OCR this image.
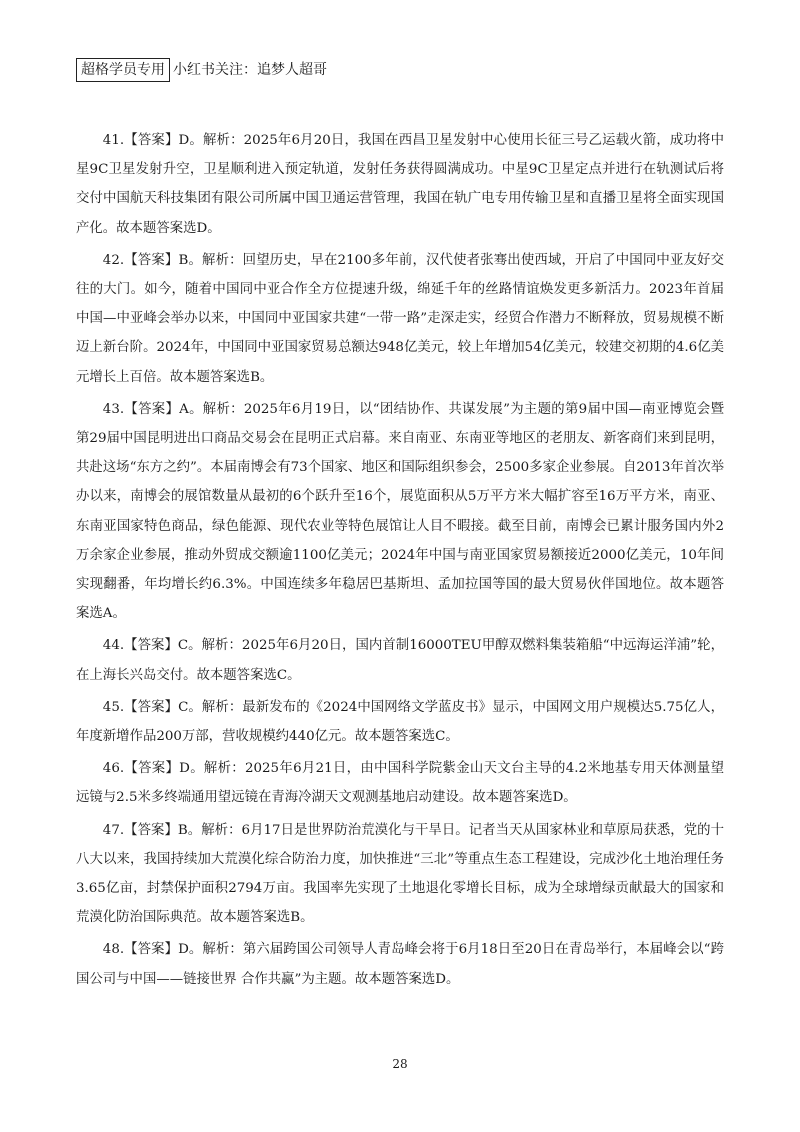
超格学员专用 小红书关注：追梦人超哥

41.【答案】D。解析：2025年6月20日，我国在西昌卫星发射中心使用长征三号乙运载火箭，成功将中星9C卫星发射升空，卫星顺利进入预定轨道，发射任务获得圆满成功。中星9C卫星定点并进行在轨测试后将交付中国航天科技集团有限公司所属中国卫通运营管理，我国在轨广电专用传输卫星和直播卫星将全面实现国产化。故本题答案选D。

42.【答案】B。解析：回望历史，早在2100多年前，汉代使者张骞出使西域，开启了中国同中亚友好交往的大门。如今，随着中国同中亚合作全方位提速升级，绵延千年的丝路情谊焕发更多新活力。2023年首届中国—中亚峰会举办以来，中国同中亚国家共建“一带一路”走深走实，经贸合作潜力不断释放，贸易规模不断迈上新台阶。2024年，中国同中亚国家贸易总额达948亿美元，较上年增加54亿美元，较建交初期的4.6亿美元增长上百倍。故本题答案选B。

43.【答案】A。解析：2025年6月19日，以“团结协作、共谋发展”为主题的第9届中国—南亚博览会暨第29届中国昆明进出口商品交易会在昆明正式启幕。来自南亚、东南亚等地区的老朋友、新客商们来到昆明，共赴这场“东方之约”。本届南博会有73个国家、地区和国际组织参会，2500多家企业参展。自2013年首次举办以来，南博会的展馆数量从最初的6个跃升至16个，展览面积从5万平方米大幅扩容至16万平方米，南亚、东南亚国家特色商品，绿色能源、现代农业等特色展馆让人目不暇接。截至目前，南博会已累计服务国内外2万余家企业参展，推动外贸成交额逾1100亿美元；2024年中国与南亚国家贸易额接近2000亿美元，10年间实现翻番，年均增长约6.3%。中国连续多年稳居巴基斯坦、孟加拉国等国的最大贸易伙伴国地位。故本题答案选A。

44.【答案】C。解析：2025年6月20日，国内首制16000TEU甲醇双燃料集装箱船“中远海运洋浦”轮，在上海长兴岛交付。故本题答案选C。

45.【答案】C。解析：最新发布的《2024中国网络文学蓝皮书》显示，中国网文用户规模达5.75亿人，年度新增作品200万部，营收规模约440亿元。故本题答案选C。

46.【答案】D。解析：2025年6月21日，由中国科学院紫金山天文台主导的4.2米地基专用天体测量望远镜与2.5米多终端通用望远镜在青海冷湖天文观测基地启动建设。故本题答案选D。

47.【答案】B。解析：6月17日是世界防治荒漠化与干旱日。记者当天从国家林业和草原局获悉，党的十八大以来，我国持续加大荒漠化综合防治力度，加快推进“三北”等重点生态工程建设，完成沙化土地治理任务3.65亿亩，封禁保护面积2794万亩。我国率先实现了土地退化零增长目标，成为全球增绿贡献最大的国家和荒漠化防治国际典范。故本题答案选B。

48.【答案】D。解析：第六届跨国公司领导人青岛峰会将于6月18日至20日在青岛举行，本届峰会以“跨国公司与中国——链接世界 合作共赢”为主题。故本题答案选D。

28
